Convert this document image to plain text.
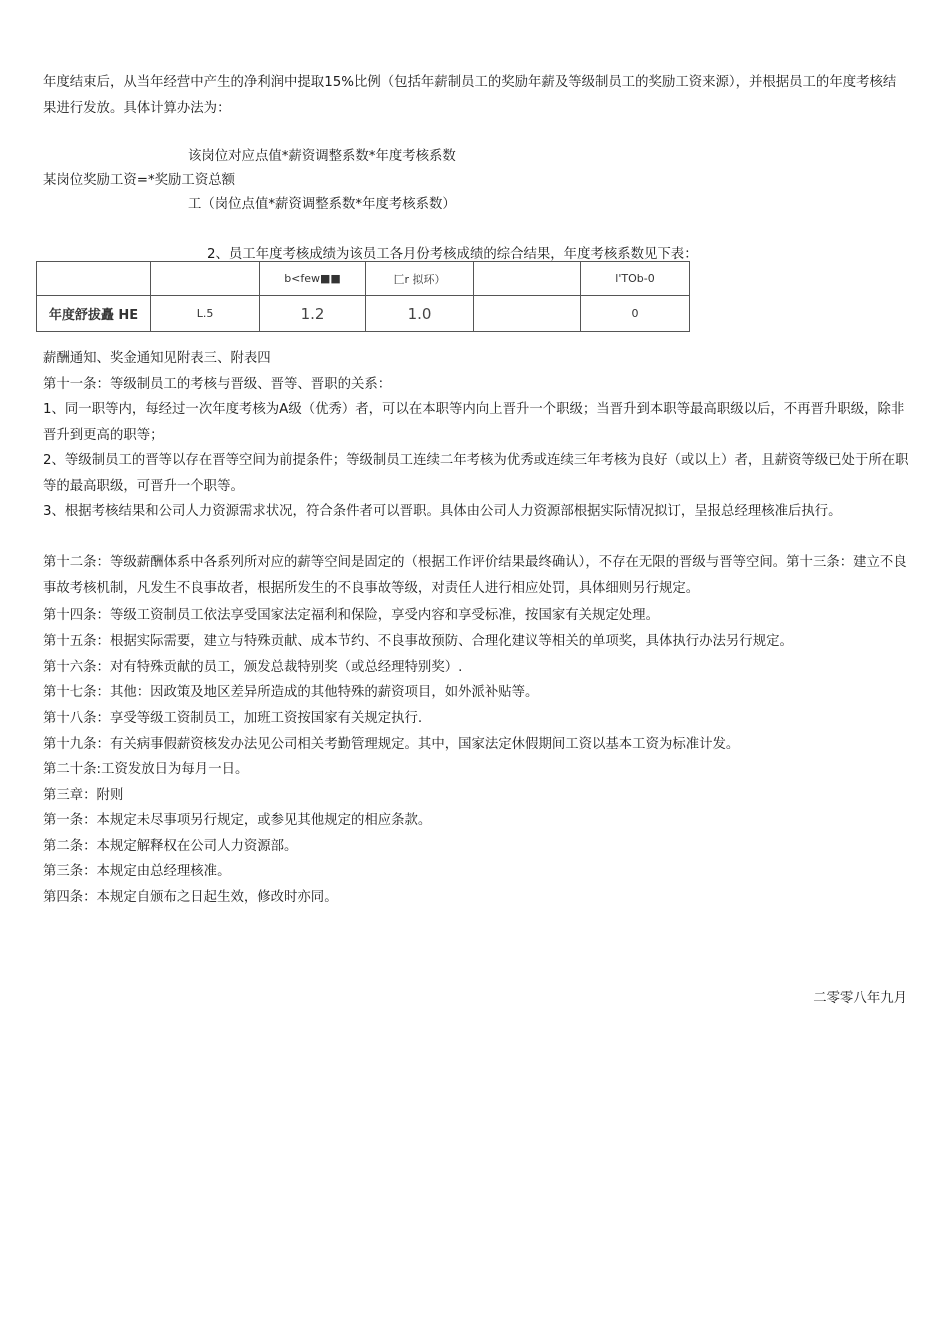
年度结束后，从当年经营中产生的净利润中提取15%比例（包括年薪制员工的奖励年薪及等级制员工的奖励工资来源），并根据员工的年度考核结果进行发放。具体计算办法为：
该岗位对应点值*薪资调整系数*年度考核系数
某岗位奖励工资=*奖励工资总额
工（岗位点值*薪资调整系数*年度考核系数）
2、员工年度考核成绩为该员工各月份考核成绩的综合结果，年度考核系数见下表：
		b<few■■	匚r 拟环）		l'TOb-0
年度舒拔矗 HE	L.5	1.2	1.0		0
薪酬通知、奖金通知见附表三、附表四
第十一条：等级制员工的考核与晋级、晋等、晋职的关系：
1、同一职等内，每经过一次年度考核为A级（优秀）者，可以在本职等内向上晋升一个职级；当晋升到本职等最高职级以后，不再晋升职级，除非晋升到更高的职等；
2、等级制员工的晋等以存在晋等空间为前提条件；等级制员工连续二年考核为优秀或连续三年考核为良好（或以上）者，且薪资等级已处于所在职等的最高职级，可晋升一个职等。
3、根据考核结果和公司人力资源需求状况，符合条件者可以晋职。具体由公司人力资源部根据实际情况拟订，呈报总经理核准后执行。
第十二条：等级薪酬体系中各系列所对应的薪等空间是固定的（根据工作评价结果最终确认），不存在无限的晋级与晋等空间。第十三条：建立不良事故考核机制，凡发生不良事故者，根据所发生的不良事故等级，对责任人进行相应处罚，具体细则另行规定。
第十四条：等级工资制员工依法享受国家法定福利和保险，享受内容和享受标准，按国家有关规定处理。
第十五条：根据实际需要，建立与特殊贡献、成本节约、不良事故预防、合理化建议等相关的单项奖，具体执行办法另行规定。
第十六条：对有特殊贡献的员工，颁发总裁特别奖（或总经理特别奖）.
第十七条：其他：因政策及地区差异所造成的其他特殊的薪资项目，如外派补贴等。
第十八条：享受等级工资制员工，加班工资按国家有关规定执行.
第十九条：有关病事假薪资核发办法见公司相关考勤管理规定。其中，国家法定休假期间工资以基本工资为标准计发。
第二十条:工资发放日为每月一日。
第三章：附则
第一条：本规定未尽事项另行规定，或参见其他规定的相应条款。
第二条：本规定解释权在公司人力资源部。
第三条：本规定由总经理核准。
第四条：本规定自颁布之日起生效，修改时亦同。
二零零八年九月
